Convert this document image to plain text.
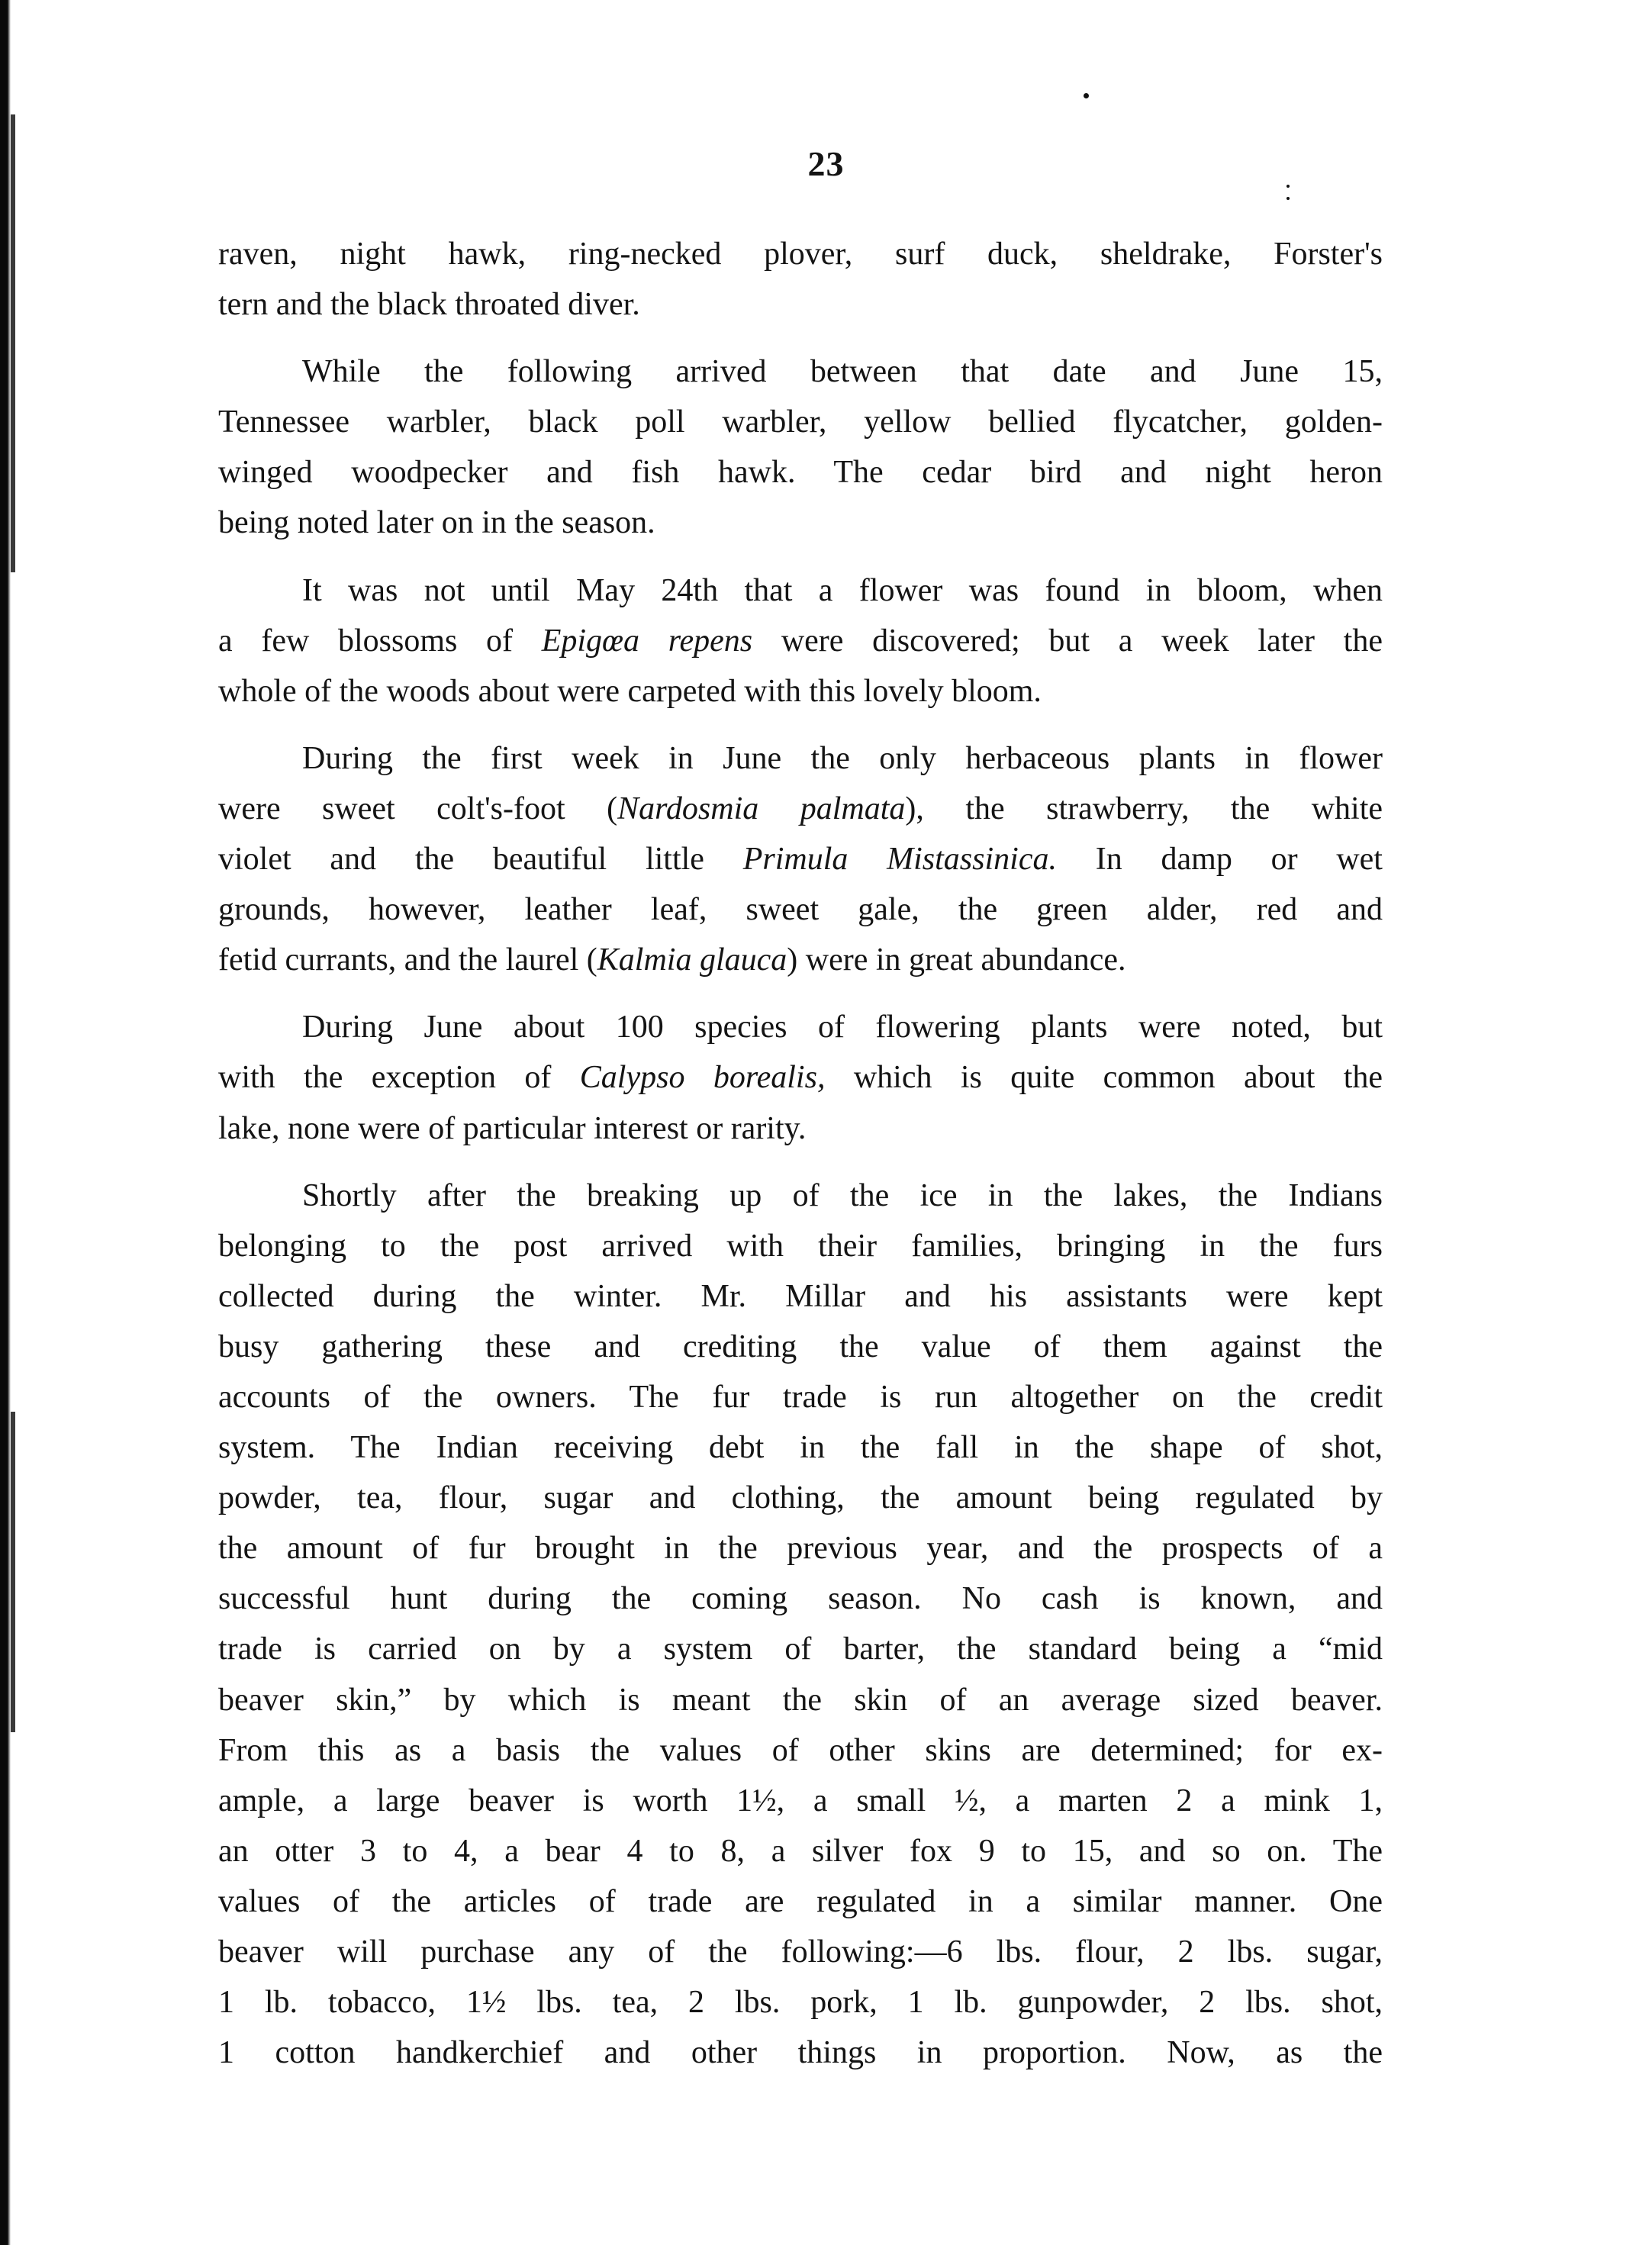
23
raven, night hawk, ring-necked plover, surf duck, sheldrake, Forster's
tern and the black throated diver.
While the following arrived between that date and June 15,
Tennessee warbler, black poll warbler, yellow bellied flycatcher, golden-
winged woodpecker and fish hawk. The cedar bird and night heron
being noted later on in the season.
It was not until May 24th that a flower was found in bloom, when
a few blossoms of Epigœa repens were discovered; but a week later the
whole of the woods about were carpeted with this lovely bloom.
During the first week in June the only herbaceous plants in flower
were sweet colt's-foot (Nardosmia palmata), the strawberry, the white
violet and the beautiful little Primula Mistassinica. In damp or wet
grounds, however, leather leaf, sweet gale, the green alder, red and
fetid currants, and the laurel (Kalmia glauca) were in great abundance.
During June about 100 species of flowering plants were noted, but
with the exception of Calypso borealis, which is quite common about the
lake, none were of particular interest or rarity.
Shortly after the breaking up of the ice in the lakes, the Indians
belonging to the post arrived with their families, bringing in the furs
collected during the winter. Mr. Millar and his assistants were kept
busy gathering these and crediting the value of them against the
accounts of the owners. The fur trade is run altogether on the credit
system. The Indian receiving debt in the fall in the shape of shot,
powder, tea, flour, sugar and clothing, the amount being regulated by
the amount of fur brought in the previous year, and the prospects of a
successful hunt during the coming season. No cash is known, and
trade is carried on by a system of barter, the standard being a “mid
beaver skin,” by which is meant the skin of an average sized beaver.
From this as a basis the values of other skins are determined; for ex-
ample, a large beaver is worth 1½, a small ½, a marten 2 a mink 1,
an otter 3 to 4, a bear 4 to 8, a silver fox 9 to 15, and so on. The
values of the articles of trade are regulated in a similar manner. One
beaver will purchase any of the following:—6 lbs. flour, 2 lbs. sugar,
1 lb. tobacco, 1½ lbs. tea, 2 lbs. pork, 1 lb. gunpowder, 2 lbs. shot,
1 cotton handkerchief and other things in proportion. Now, as the
